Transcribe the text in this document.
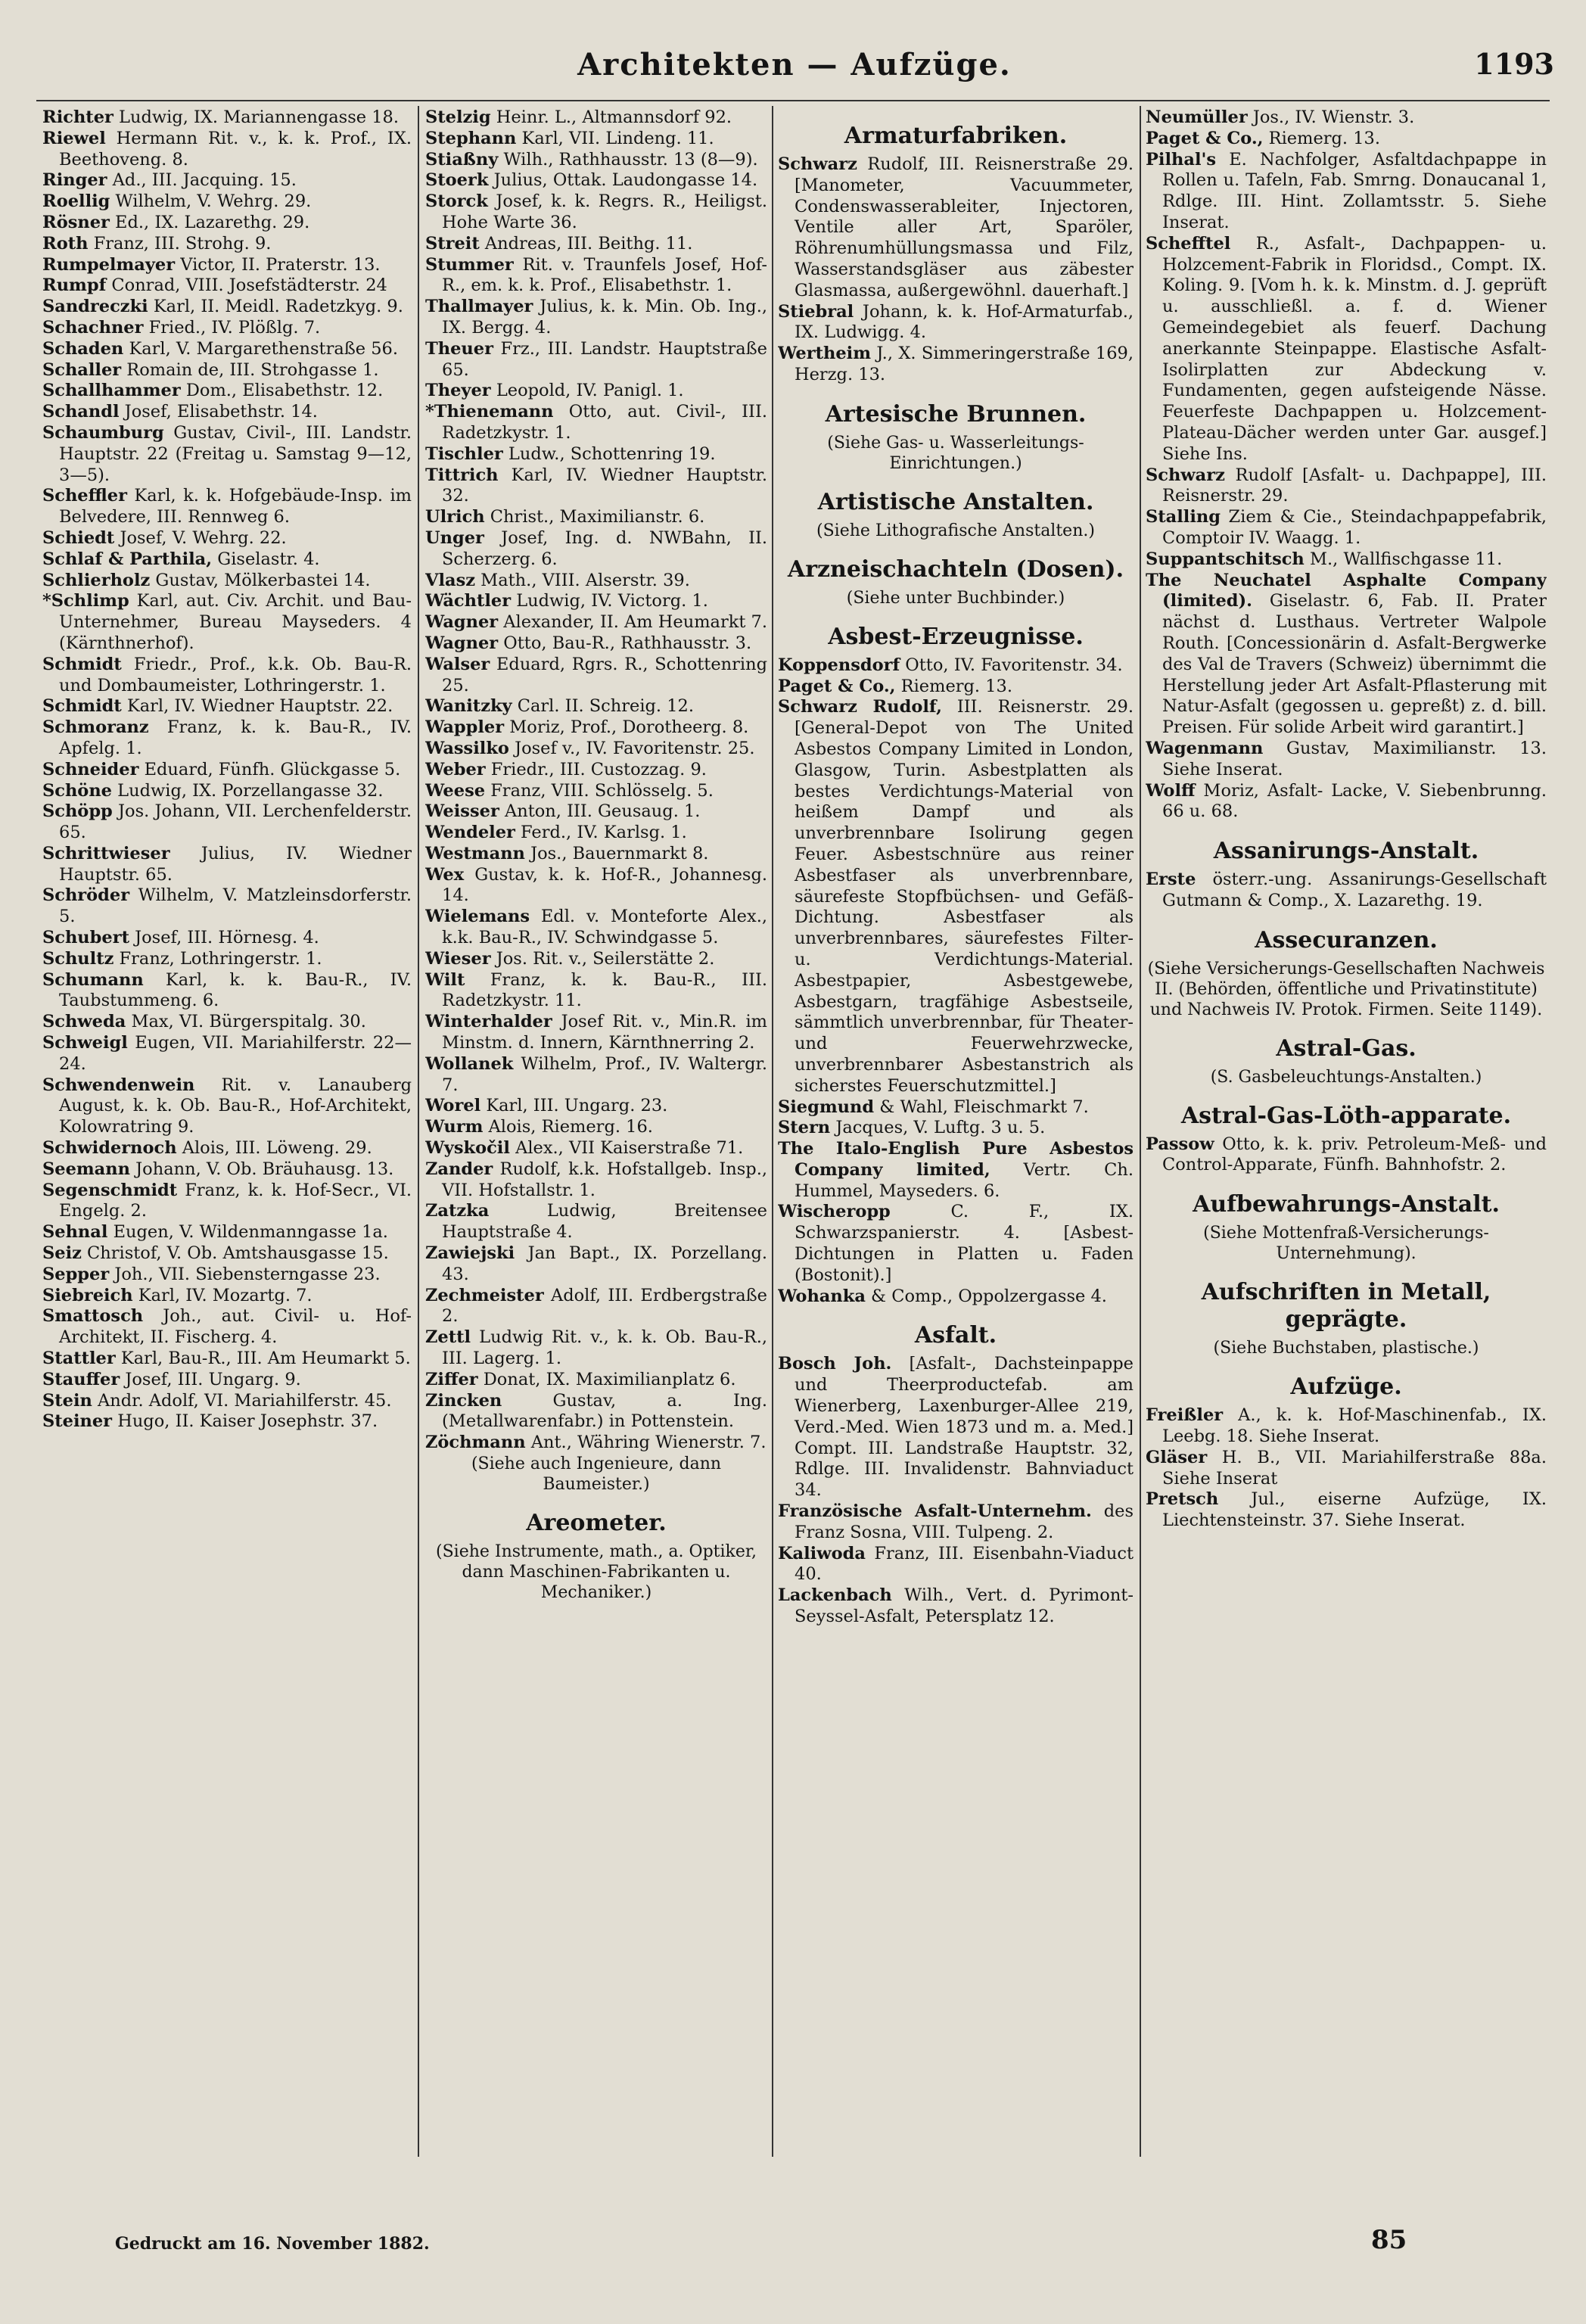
Architekten — Aufzüge.	1193
Richter Ludwig, IX. Mariannengasse 18.
Riewel Hermann Rit. v., k. k. Prof., IX. Beethoveng. 8.
Ringer Ad., III. Jacquing. 15.
Roellig Wilhelm, V. Wehrg. 29.
Rösner Ed., IX. Lazarethg. 29.
Roth Franz, III. Strohg. 9.
Rumpelmayer Victor, II. Praterstr. 13.
Rumpf Conrad, VIII. Josefstädterstr. 24
Sandreczki Karl, II. Meidl. Radetzkyg. 9.
Schachner Fried., IV. Plößlg. 7.
Schaden Karl, V. Margarethenstraße 56.
Schaller Romain de, III. Strohgasse 1.
Schallhammer Dom., Elisabethstr. 12.
Schandl Josef, Elisabethstr. 14.
Schaumburg Gustav, Civil-, III. Landstr. Hauptstr. 22 (Freitag u. Samstag 9—12, 3—5).
Scheffler Karl, k. k. Hofgebäude-Insp. im Belvedere, III. Rennweg 6.
Schiedt Josef, V. Wehrg. 22.
Schlaf & Parthila, Giselastr. 4.
Schlierholz Gustav, Mölkerbastei 14.
*Schlimp Karl, aut. Civ. Archit. und Bau-Unternehmer, Bureau Mayseders. 4 (Kärnthnerhof).
Schmidt Friedr., Prof., k.k. Ob. Bau-R. und Dombaumeister, Lothringerstr. 1.
Schmidt Karl, IV. Wiedner Hauptstr. 22.
Schmoranz Franz, k. k. Bau-R., IV. Apfelg. 1.
Schneider Eduard, Fünfh. Glückgasse 5.
Schöne Ludwig, IX. Porzellangasse 32.
Schöpp Jos. Johann, VII. Lerchenfelderstr. 65.
Schrittwieser Julius, IV. Wiedner Hauptstr. 65.
Schröder Wilhelm, V. Matzleinsdorferstr. 5.
Schubert Josef, III. Hörnesg. 4.
Schultz Franz, Lothringerstr. 1.
Schumann Karl, k. k. Bau-R., IV. Taubstummeng. 6.
Schweda Max, VI. Bürgerspitalg. 30.
Schweigl Eugen, VII. Mariahilferstr. 22—24.
Schwendenwein Rit. v. Lanauberg August, k. k. Ob. Bau-R., Hof-Architekt, Kolowratring 9.
Schwidernoch Alois, III. Löweng. 29.
Seemann Johann, V. Ob. Bräuhausg. 13.
Segenschmidt Franz, k. k. Hof-Secr., VI. Engelg. 2.
Sehnal Eugen, V. Wildenmanngasse 1a.
Seiz Christof, V. Ob. Amtshausgasse 15.
Sepper Joh., VII. Siebensterngasse 23.
Siebreich Karl, IV. Mozartg. 7.
Smattosch Joh., aut. Civil- u. Hof-Architekt, II. Fischerg. 4.
Stattler Karl, Bau-R., III. Am Heumarkt 5.
Stauffer Josef, III. Ungarg. 9.
Stein Andr. Adolf, VI. Mariahilferstr. 45.
Steiner Hugo, II. Kaiser Josephstr. 37.
Stelzig Heinr. L., Altmannsdorf 92.
Stephann Karl, VII. Lindeng. 11.
Stiaßny Wilh., Rathhausstr. 13 (8—9).
Stoerk Julius, Ottak. Laudongasse 14.
Storck Josef, k. k. Regrs. R., Heiligst. Hohe Warte 36.
Streit Andreas, III. Beithg. 11.
Stummer Rit. v. Traunfels Josef, Hof-R., em. k. k. Prof., Elisabethstr. 1.
Thallmayer Julius, k. k. Min. Ob. Ing., IX. Bergg. 4.
Theuer Frz., III. Landstr. Hauptstraße 65.
Theyer Leopold, IV. Panigl. 1.
*Thienemann Otto, aut. Civil-, III. Radetzkystr. 1.
Tischler Ludw., Schottenring 19.
Tittrich Karl, IV. Wiedner Hauptstr. 32.
Ulrich Christ., Maximilianstr. 6.
Unger Josef, Ing. d. NWBahn, II. Scherzerg. 6.
Vlasz Math., VIII. Alserstr. 39.
Wächtler Ludwig, IV. Victorg. 1.
Wagner Alexander, II. Am Heumarkt 7.
Wagner Otto, Bau-R., Rathhausstr. 3.
Walser Eduard, Rgrs. R., Schottenring 25.
Wanitzky Carl. II. Schreig. 12.
Wappler Moriz, Prof., Dorotheerg. 8.
Wassilko Josef v., IV. Favoritenstr. 25.
Weber Friedr., III. Custozzag. 9.
Weese Franz, VIII. Schlösselg. 5.
Weisser Anton, III. Geusaug. 1.
Wendeler Ferd., IV. Karlsg. 1.
Westmann Jos., Bauernmarkt 8.
Wex Gustav, k. k. Hof-R., Johannesg. 14.
Wielemans Edl. v. Monteforte Alex., k.k. Bau-R., IV. Schwindgasse 5.
Wieser Jos. Rit. v., Seilerstätte 2.
Wilt Franz, k. k. Bau-R., III. Radetzkystr. 11.
Winterhalder Josef Rit. v., Min.R. im Minstm. d. Innern, Kärnthnerring 2.
Wollanek Wilhelm, Prof., IV. Waltergr. 7.
Worel Karl, III. Ungarg. 23.
Wurm Alois, Riemerg. 16.
Wyskočil Alex., VII Kaiserstraße 71.
Zander Rudolf, k.k. Hofstallgeb. Insp., VII. Hofstallstr. 1.
Zatzka Ludwig, Breitensee Hauptstraße 4.
Zawiejski Jan Bapt., IX. Porzellang. 43.
Zechmeister Adolf, III. Erdbergstraße 2.
Zettl Ludwig Rit. v., k. k. Ob. Bau-R., III. Lagerg. 1.
Ziffer Donat, IX. Maximilianplatz 6.
Zincken Gustav, a. Ing. (Metallwarenfabr.) in Pottenstein.
Zöchmann Ant., Währing Wienerstr. 7.
(Siehe auch Ingenieure, dann Baumeister.)
Areometer.
(Siehe Instrumente, math., a. Optiker, dann Maschinen-Fabrikanten u. Mechaniker.)
Armaturfabriken.
Schwarz Rudolf, III. Reisnerstraße 29. [Manometer, Vacuummeter, Condenswasserableiter, Injectoren, Ventile aller Art, Sparöler, Röhrenumhüllungsmassa und Filz, Wasserstandsgläser aus zäbester Glasmassa, außergewöhnl. dauerhaft.]
Stiebral Johann, k. k. Hof-Armaturfab., IX. Ludwigg. 4.
Wertheim J., X. Simmeringerstraße 169, Herzg. 13.
Artesische Brunnen.
(Siehe Gas- u. Wasserleitungs-Einrichtungen.)
Artistische Anstalten.
(Siehe Lithografische Anstalten.)
Arzneischachteln (Dosen).
(Siehe unter Buchbinder.)
Asbest-Erzeugnisse.
Koppensdorf Otto, IV. Favoritenstr. 34.
Paget & Co., Riemerg. 13.
Schwarz Rudolf, III. Reisnerstr. 29. [General-Depot von The United Asbestos Company Limited in London, Glasgow, Turin. Asbestplatten als bestes Verdichtungs-Material von heißem Dampf und als unverbrennbare Isolirung gegen Feuer. Asbestschnüre aus reiner Asbestfaser als unverbrennbare, säurefeste Stopfbüchsen- und Gefäß-Dichtung. Asbestfaser als unverbrennbares, säurefestes Filter- u. Verdichtungs-Material. Asbestpapier, Asbestgewebe, Asbestgarn, tragfähige Asbestseile, sämmtlich unverbrennbar, für Theater- und Feuerwehrzwecke, unverbrennbarer Asbestanstrich als sicherstes Feuerschutzmittel.]
Siegmund & Wahl, Fleischmarkt 7.
Stern Jacques, V. Luftg. 3 u. 5.
The Italo-English Pure Asbestos Company limited, Vertr. Ch. Hummel, Mayseders. 6.
Wischeropp C. F., IX. Schwarzspanierstr. 4. [Asbest-Dichtungen in Platten u. Faden (Bostonit).]
Wohanka & Comp., Oppolzergasse 4.
Asfalt.
Bosch Joh. [Asfalt-, Dachsteinpappe und Theerproductefab. am Wienerberg, Laxenburger-Allee 219, Verd.-Med. Wien 1873 und m. a. Med.] Compt. III. Landstraße Hauptstr. 32, Rdlge. III. Invalidenstr. Bahnviaduct 34.
Französische Asfalt-Unternehm. des Franz Sosna, VIII. Tulpeng. 2.
Kaliwoda Franz, III. Eisenbahn-Viaduct 40.
Lackenbach Wilh., Vert. d. Pyrimont-Seyssel-Asfalt, Petersplatz 12.
Neumüller Jos., IV. Wienstr. 3.
Paget & Co., Riemerg. 13.
Pilhal's E. Nachfolger, Asfaltdachpappe in Rollen u. Tafeln, Fab. Smrng. Donaucanal 1, Rdlge. III. Hint. Zollamtsstr. 5. Siehe Inserat.
Schefftel R., Asfalt-, Dachpappen- u. Holzcement-Fabrik in Floridsd., Compt. IX. Koling. 9. [Vom h. k. k. Minstm. d. J. geprüft u. ausschließl. a. f. d. Wiener Gemeindegebiet als feuerf. Dachung anerkannte Steinpappe. Elastische Asfalt-Isolirplatten zur Abdeckung v. Fundamenten, gegen aufsteigende Nässe. Feuerfeste Dachpappen u. Holzcement-Plateau-Dächer werden unter Gar. ausgef.] Siehe Ins.
Schwarz Rudolf [Asfalt- u. Dachpappe], III. Reisnerstr. 29.
Stalling Ziem & Cie., Steindachpappefabrik, Comptoir IV. Waagg. 1.
Suppantschitsch M., Wallfischgasse 11.
The Neuchatel Asphalte Company (limited). Giselastr. 6, Fab. II. Prater nächst d. Lusthaus. Vertreter Walpole Routh. [Concessionärin d. Asfalt-Bergwerke des Val de Travers (Schweiz) übernimmt die Herstellung jeder Art Asfalt-Pflasterung mit Natur-Asfalt (gegossen u. gepreßt) z. d. bill. Preisen. Für solide Arbeit wird garantirt.]
Wagenmann Gustav, Maximilianstr. 13. Siehe Inserat.
Wolff Moriz, Asfalt- Lacke, V. Siebenbrunng. 66 u. 68.
Assanirungs-Anstalt.
Erste österr.-ung. Assanirungs-Gesellschaft Gutmann & Comp., X. Lazarethg. 19.
Assecuranzen.
(Siehe Versicherungs-Gesellschaften Nachweis II. (Behörden, öffentliche und Privatinstitute) und Nachweis IV. Protok. Firmen. Seite 1149).
Astral-Gas.
(S. Gasbeleuchtungs-Anstalten.)
Astral-Gas-Löth-apparate.
Passow Otto, k. k. priv. Petroleum-Meß- und Control-Apparate, Fünfh. Bahnhofstr. 2.
Aufbewahrungs-Anstalt.
(Siehe Mottenfraß-Versicherungs-Unternehmung).
Aufschriften in Metall, geprägte.
(Siehe Buchstaben, plastische.)
Aufzüge.
Freißler A., k. k. Hof-Maschinenfab., IX. Leebg. 18. Siehe Inserat.
Gläser H. B., VII. Mariahilferstraße 88a. Siehe Inserat
Pretsch Jul., eiserne Aufzüge, IX. Liechtensteinstr. 37. Siehe Inserat.
Gedruckt am 16. November 1882.	85
